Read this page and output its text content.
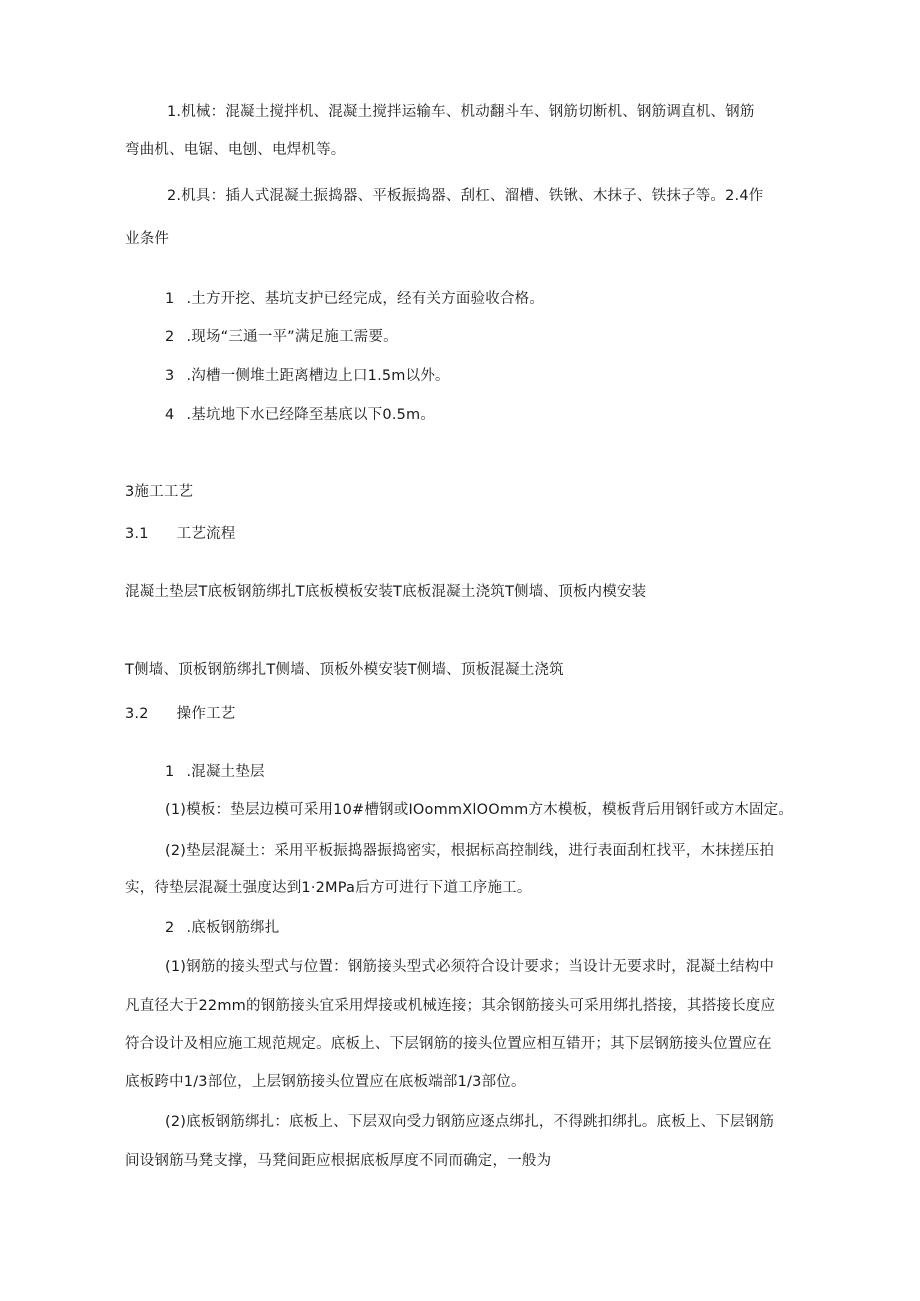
1.机械：混凝土搅拌机、混凝土搅拌运输车、机动翻斗车、钢筋切断机、钢筋调直机、钢筋
弯曲机、电锯、电刨、电焊机等。
2.机具：插人式混凝土振捣器、平板振捣器、刮杠、溜槽、铁锹、木抹子、铁抹子等。2.4作
业条件
1 .土方开挖、基坑支护已经完成，经有关方面验收合格。
2 .现场“三通一平”满足施工需要。
3 .沟槽一侧堆土距离槽边上口1.5m以外。
4 .基坑地下水已经降至基底以下0.5m。
3施工工艺
3.1 工艺流程
混凝土垫层T底板钢筋绑扎T底板模板安装T底板混凝土浇筑T侧墙、顶板内模安装
T侧墙、顶板钢筋绑扎T侧墙、顶板外模安装T侧墙、顶板混凝土浇筑
3.2 操作工艺
1 .混凝土垫层
(1)模板：垫层边模可采用10#槽钢或IOommXlOOmm方木模板，模板背后用钢钎或方木固定。
(2)垫层混凝土：采用平板振捣器振捣密实，根据标高控制线，进行表面刮杠找平，木抹搓压拍
实，待垫层混凝土强度达到1·2MPa后方可进行下道工序施工。
2 .底板钢筋绑扎
(1)钢筋的接头型式与位置：钢筋接头型式必须符合设计要求；当设计无要求时，混凝土结构中
凡直径大于22mm的钢筋接头宜采用焊接或机械连接；其余钢筋接头可采用绑扎搭接，其搭接长度应
符合设计及相应施工规范规定。底板上、下层钢筋的接头位置应相互错开；其下层钢筋接头位置应在
底板跨中1/3部位，上层钢筋接头位置应在底板端部1/3部位。
(2)底板钢筋绑扎：底板上、下层双向受力钢筋应逐点绑扎，不得跳扣绑扎。底板上、下层钢筋
间设钢筋马凳支撑，马凳间距应根据底板厚度不同而确定，一般为
